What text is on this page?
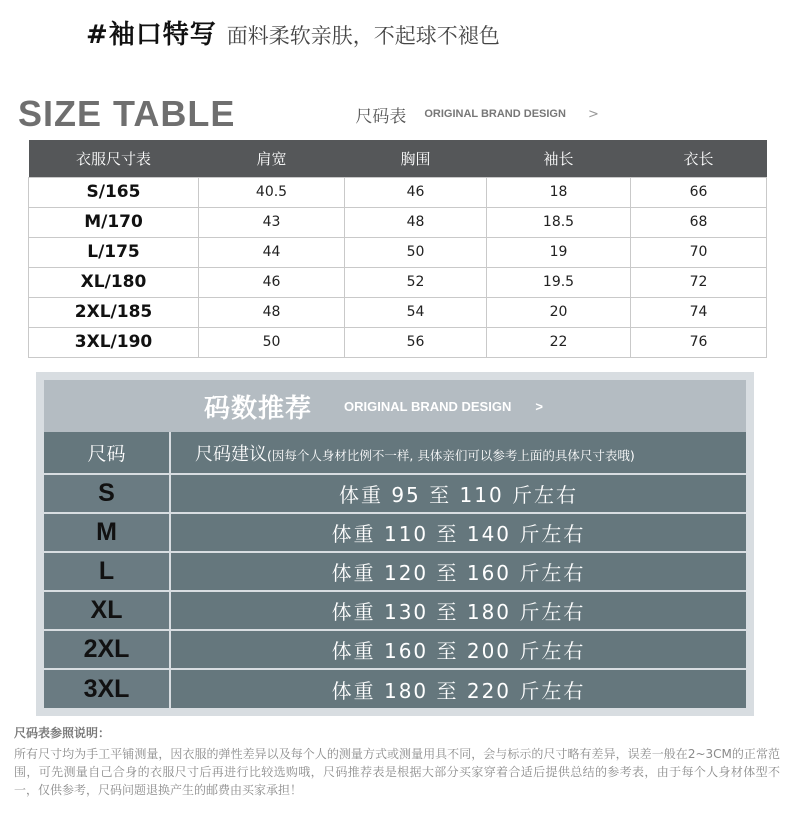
#袖口特写 面料柔软亲肤，不起球不褪色
SIZE TABLE	尺码表 ORIGINAL BRAND DESIGN >
衣服尺寸表	肩宽	胸围	袖长	衣长
S/165	40.5	46	18	66
M/170	43	48	18.5	68
L/175	44	50	19	70
XL/180	46	52	19.5	72
2XL/185	48	54	20	74
3XL/190	50	56	22	76
码数推荐 ORIGINAL BRAND DESIGN >
尺码	尺码建议(因每个人身材比例不一样, 具体亲们可以参考上面的具体尺寸表哦)
S	体重 95 至 110 斤左右
M	体重 110 至 140 斤左右
L	体重 120 至 160 斤左右
XL	体重 130 至 180 斤左右
2XL	体重 160 至 200 斤左右
3XL	体重 180 至 220 斤左右
尺码表参照说明：
所有尺寸均为手工平铺测量，因衣服的弹性差异以及每个人的测量方式或测量用具不同，会与标示的尺寸略有差异，误差一般在2~3CM的正常范围，可先测量自己合身的衣服尺寸后再进行比较选购哦，尺码推荐表是根据大部分买家穿着合适后提供总结的参考表，由于每个人身材体型不一，仅供参考，尺码问题退换产生的邮费由买家承担！
